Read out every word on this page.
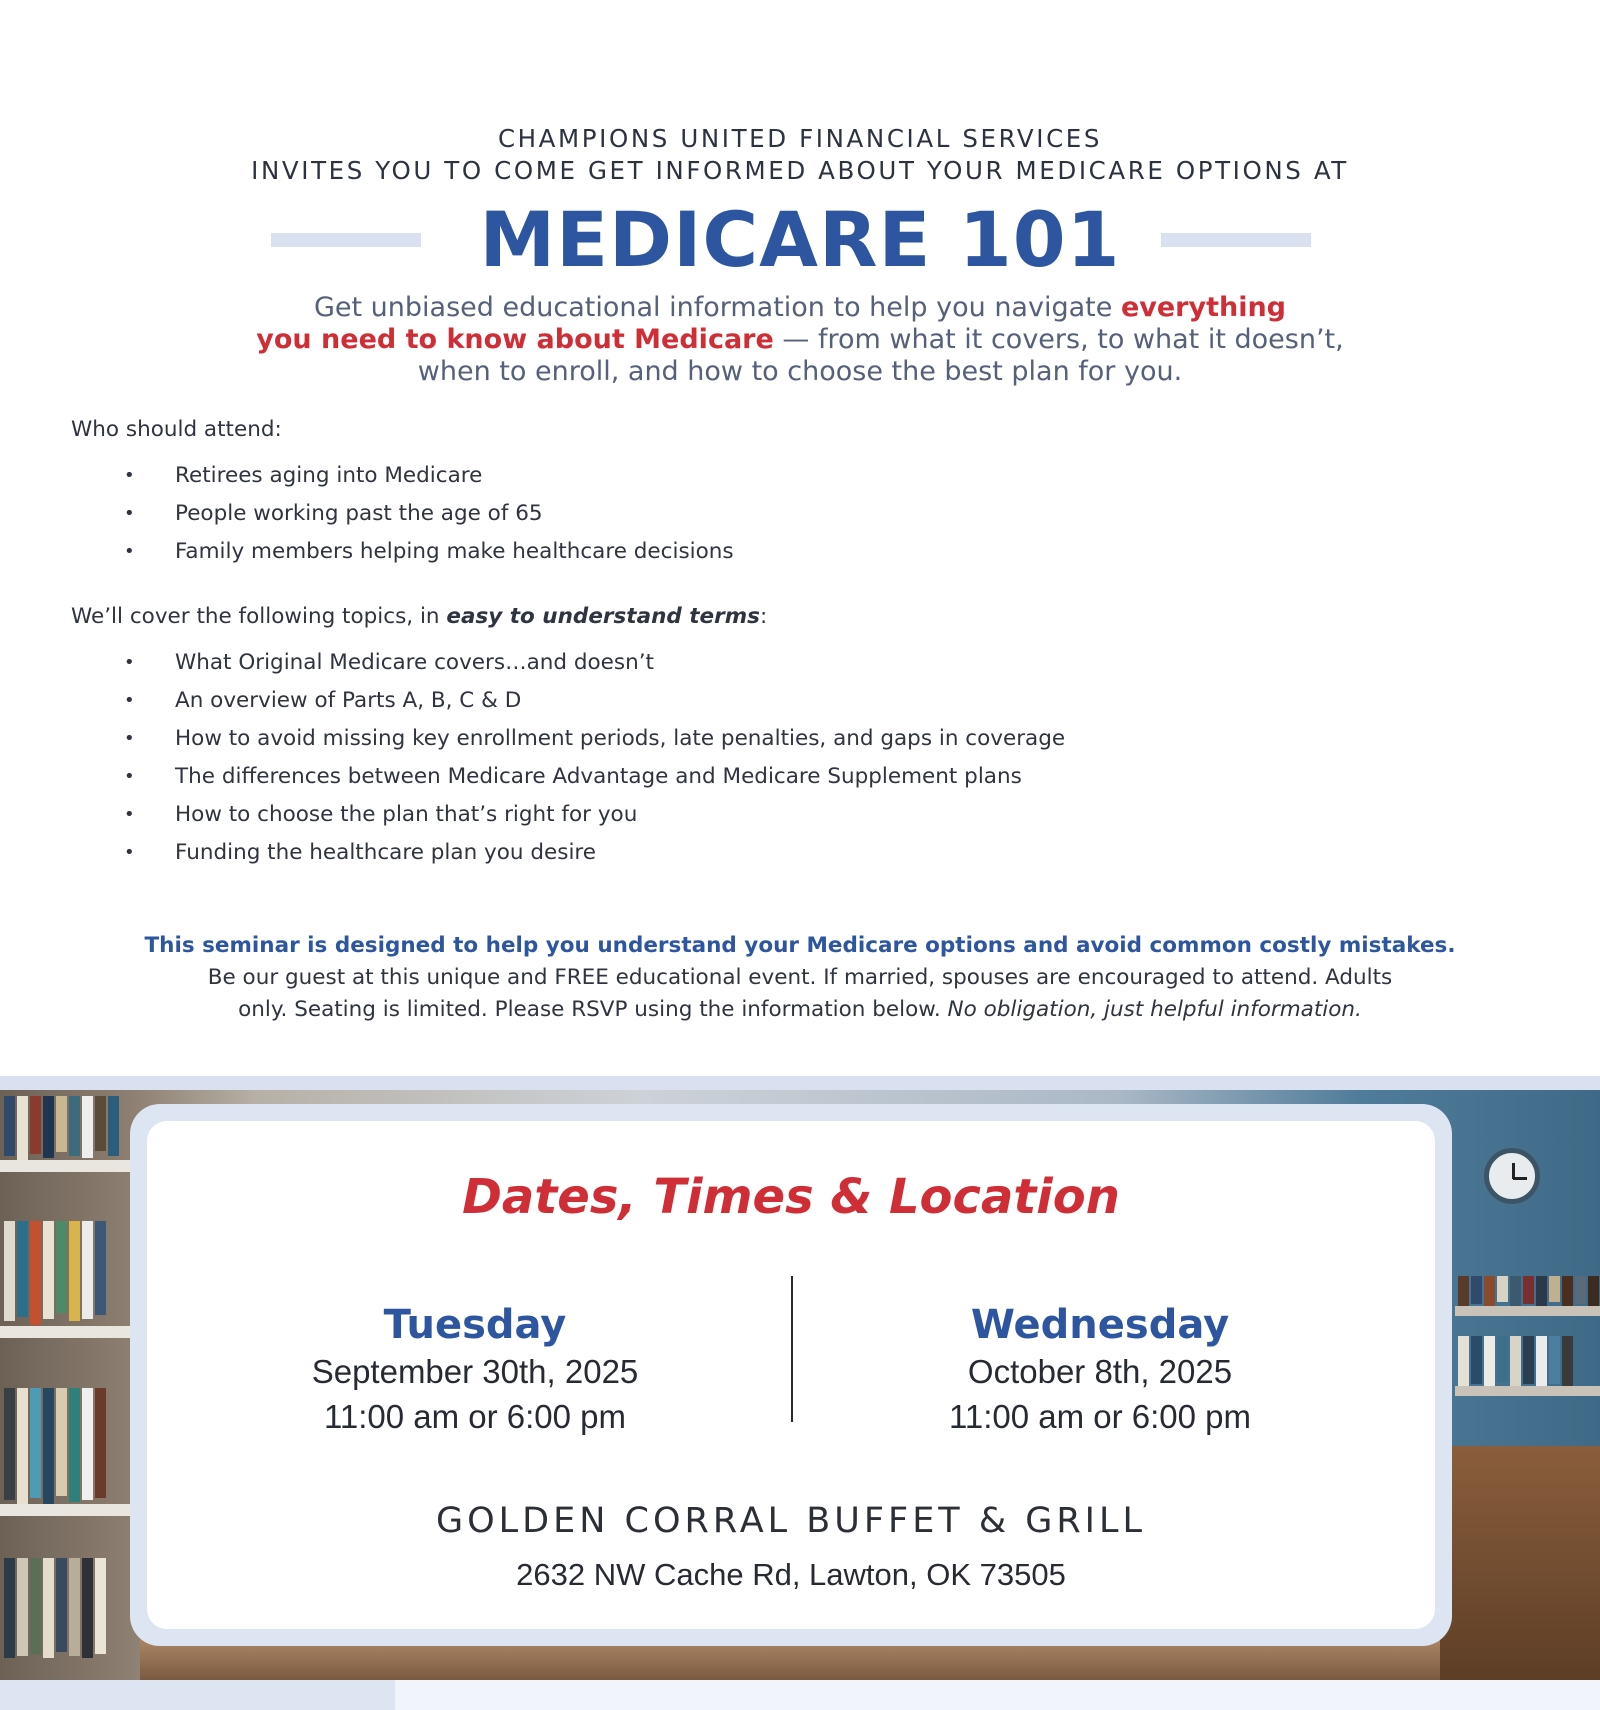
CHAMPIONS UNITED FINANCIAL SERVICES
INVITES YOU TO COME GET INFORMED ABOUT YOUR MEDICARE OPTIONS AT
MEDICARE 101
Get unbiased educational information to help you navigate everything
you need to know about Medicare — from what it covers, to what it doesn’t,
when to enroll, and how to choose the best plan for you.
Who should attend:
• Retirees aging into Medicare
• People working past the age of 65
• Family members helping make healthcare decisions
We’ll cover the following topics, in easy to understand terms:
• What Original Medicare covers…and doesn’t
• An overview of Parts A, B, C & D
• How to avoid missing key enrollment periods, late penalties, and gaps in coverage
• The differences between Medicare Advantage and Medicare Supplement plans
• How to choose the plan that’s right for you
• Funding the healthcare plan you desire
This seminar is designed to help you understand your Medicare options and avoid common costly mistakes.
Be our guest at this unique and FREE educational event. If married, spouses are encouraged to attend. Adults
only. Seating is limited. Please RSVP using the information below. No obligation, just helpful information.
Dates, Times & Location
Tuesday
September 30th, 2025
11:00 am or 6:00 pm
Wednesday
October 8th, 2025
11:00 am or 6:00 pm
GOLDEN CORRAL BUFFET & GRILL
2632 NW Cache Rd, Lawton, OK 73505
